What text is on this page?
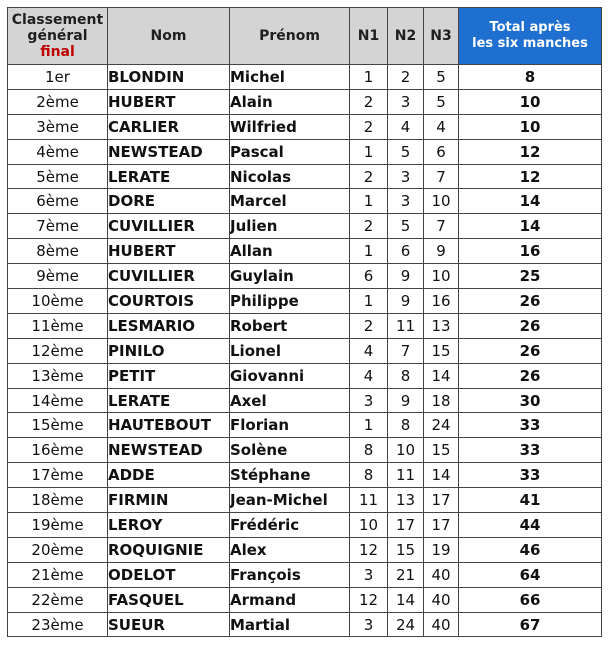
Classement
général
final	Nom	Prénom	N1	N2	N3	Total après
les six manches

1er	BLONDIN	Michel	1	2	5	8
2ème	HUBERT	Alain	2	3	5	10
3ème	CARLIER	Wilfried	2	4	4	10
4ème	NEWSTEAD	Pascal	1	5	6	12
5ème	LERATE	Nicolas	2	3	7	12
6ème	DORE	Marcel	1	3	10	14
7ème	CUVILLIER	Julien	2	5	7	14
8ème	HUBERT	Allan	1	6	9	16
9ème	CUVILLIER	Guylain	6	9	10	25
10ème	COURTOIS	Philippe	1	9	16	26
11ème	LESMARIO	Robert	2	11	13	26
12ème	PINILO	Lionel	4	7	15	26
13ème	PETIT	Giovanni	4	8	14	26
14ème	LERATE	Axel	3	9	18	30
15ème	HAUTEBOUT	Florian	1	8	24	33
16ème	NEWSTEAD	Solène	8	10	15	33
17ème	ADDE	Stéphane	8	11	14	33
18ème	FIRMIN	Jean-Michel	11	13	17	41
19ème	LEROY	Frédéric	10	17	17	44
20ème	ROQUIGNIE	Alex	12	15	19	46
21ème	ODELOT	François	3	21	40	64
22ème	FASQUEL	Armand	12	14	40	66
23ème	SUEUR	Martial	3	24	40	67
